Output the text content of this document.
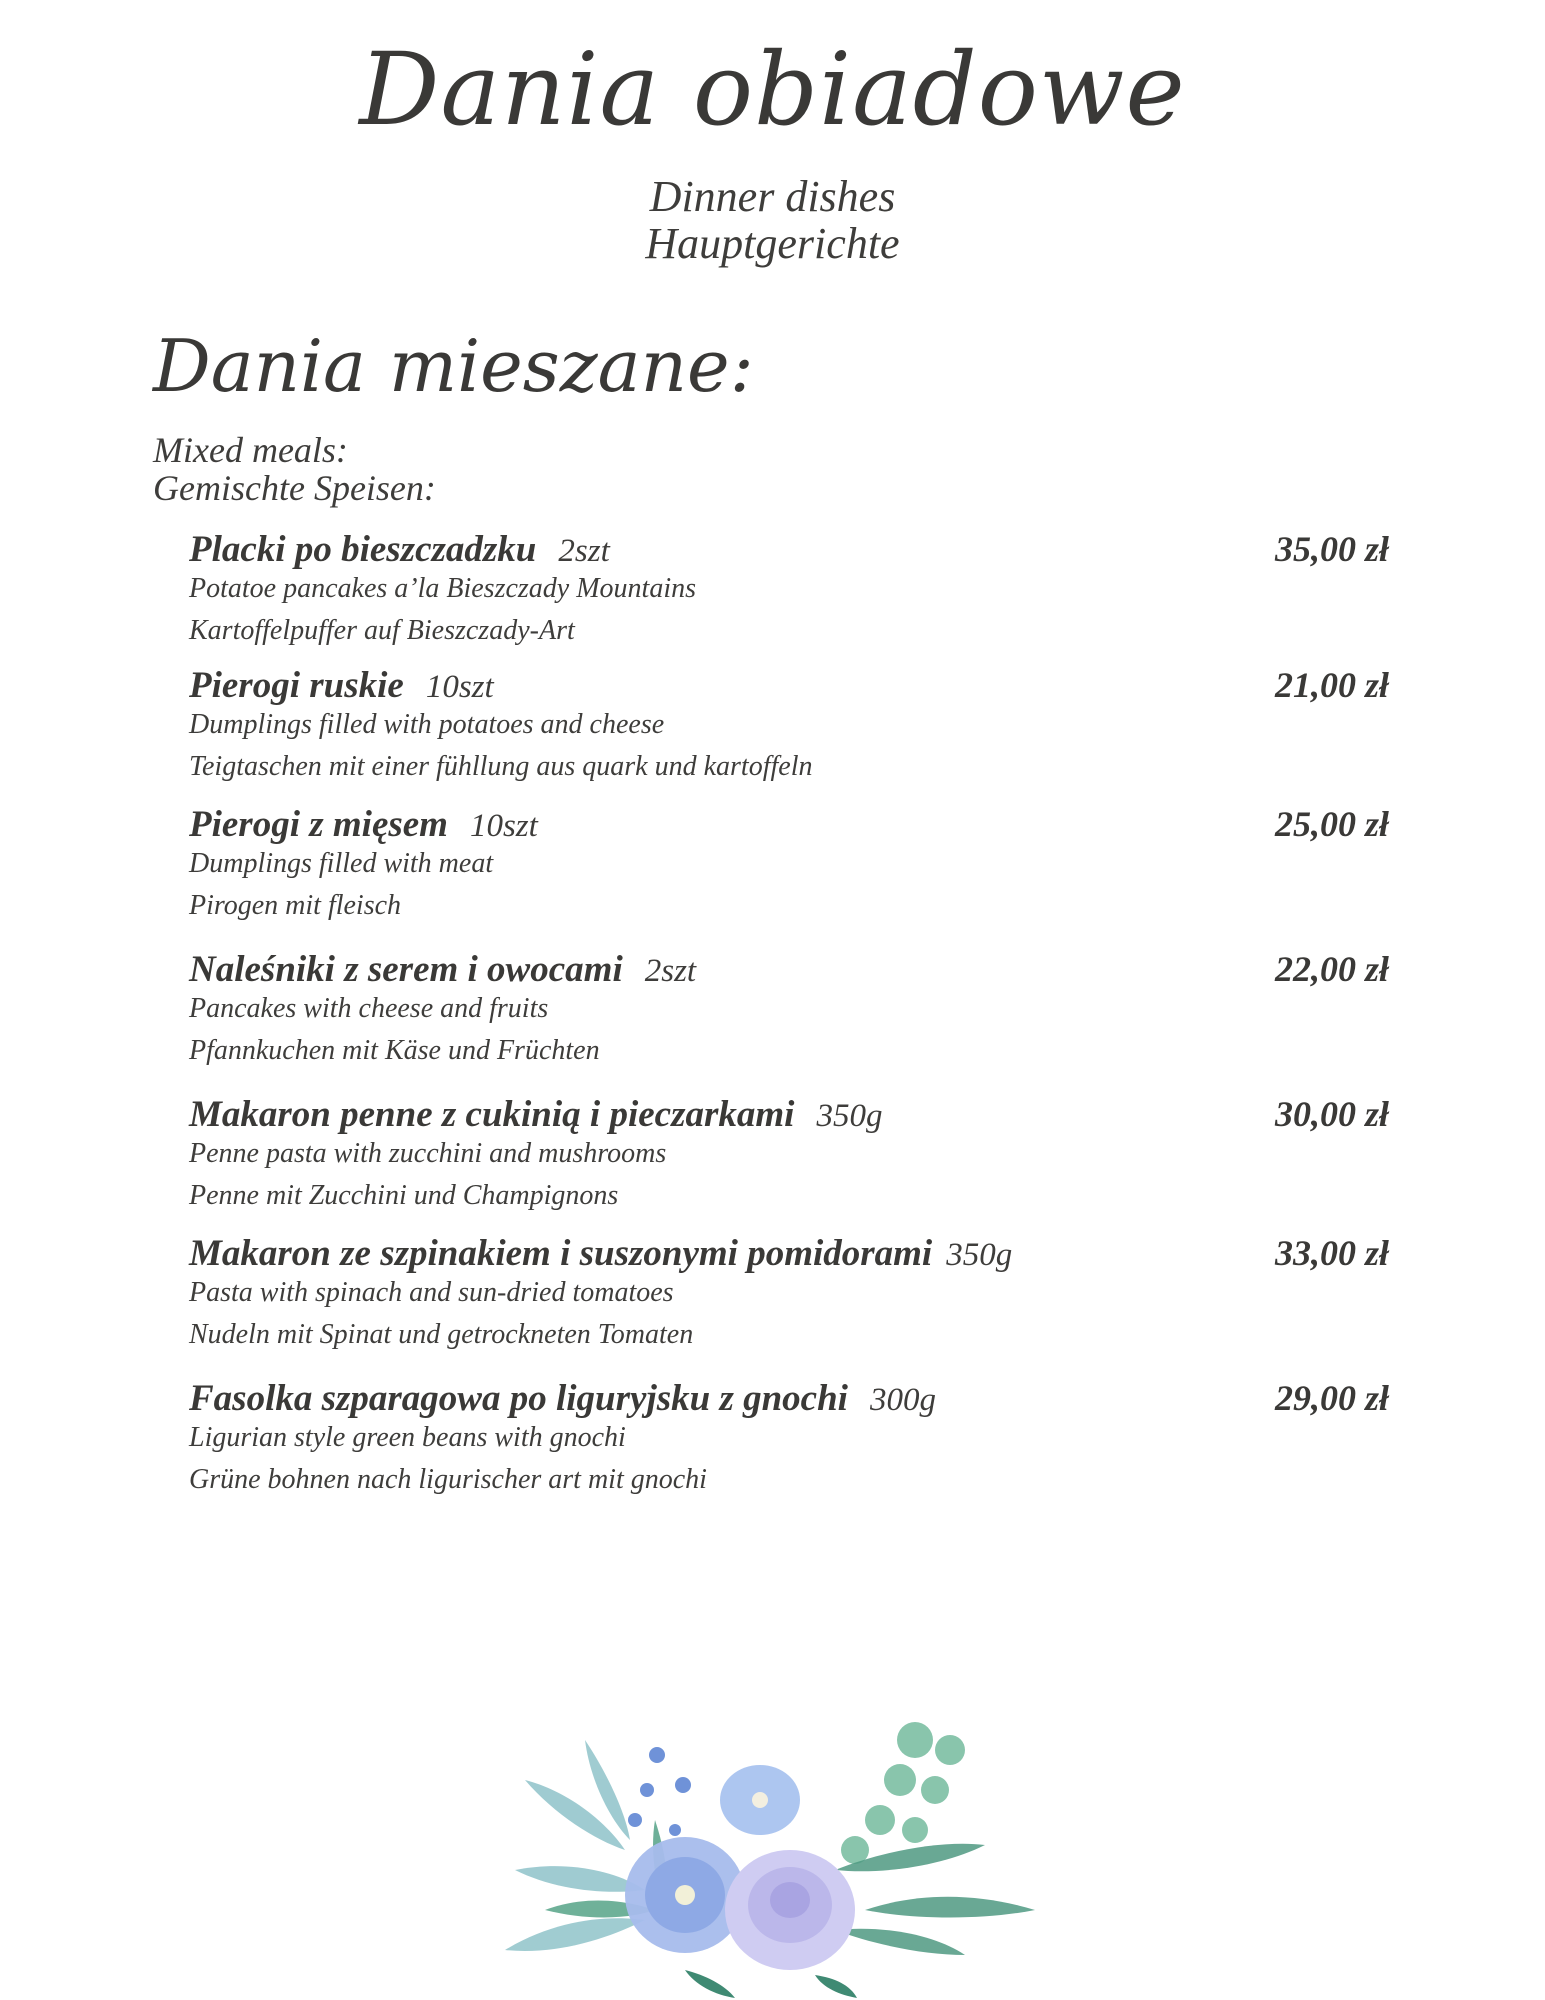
Dania obiadowe
Dinner dishes
Hauptgerichte
Dania mieszane:
Mixed meals:
Gemischte Speisen:
Placki po bieszczadzku 2szt	35,00 zł
Potatoe pancakes a’la Bieszczady Mountains
Kartoffelpuffer auf Bieszczady-Art
Pierogi ruskie 10szt	21,00 zł
Dumplings filled with potatoes and cheese
Teigtaschen mit einer fühllung aus quark und kartoffeln
Pierogi z mięsem 10szt	25,00 zł
Dumplings filled with meat
Pirogen mit fleisch
Naleśniki z serem i owocami 2szt	22,00 zł
Pancakes with cheese and fruits
Pfannkuchen mit Käse und Früchten
Makaron penne z cukinią i pieczarkami 350g	30,00 zł
Penne pasta with zucchini and mushrooms
Penne mit Zucchini und Champignons
Makaron ze szpinakiem i suszonymi pomidorami 350g	33,00 zł
Pasta with spinach and sun-dried tomatoes
Nudeln mit Spinat und getrockneten Tomaten
Fasolka szparagowa po liguryjsku z gnochi 300g	29,00 zł
Ligurian style green beans with gnochi
Grüne bohnen nach ligurischer art mit gnochi
